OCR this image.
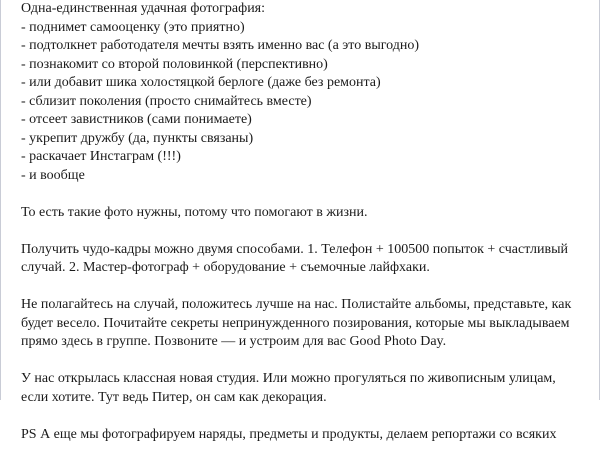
Одна-единственная удачная фотография:
- поднимет самооценку (это приятно)
- подтолкнет работодателя мечты взять именно вас (а это выгодно)
- познакомит со второй половинкой (перспективно)
- или добавит шика холостяцкой берлоге (даже без ремонта)
- сблизит поколения (просто снимайтесь вместе)
- отсеет завистников (сами понимаете)
- укрепит дружбу (да, пункты связаны)
- раскачает Инстаграм (!!!)
- и вообще
То есть такие фото нужны, потому что помогают в жизни.
Получить чудо-кадры можно двумя способами. 1. Телефон + 100500 попыток + счастливый
случай. 2. Мастер-фотограф + оборудование + съемочные лайфхаки.
Не полагайтесь на случай, положитесь лучше на нас. Полистайте альбомы, представьте, как
будет весело. Почитайте секреты непринужденного позирования, которые мы выкладываем
прямо здесь в группе. Позвоните — и устроим для вас Good Photo Day.
У нас открылась классная новая студия. Или можно прогуляться по живописным улицам,
если хотите. Тут ведь Питер, он сам как декорация.
PS А еще мы фотографируем наряды, предметы и продукты, делаем репортажи со всяких
